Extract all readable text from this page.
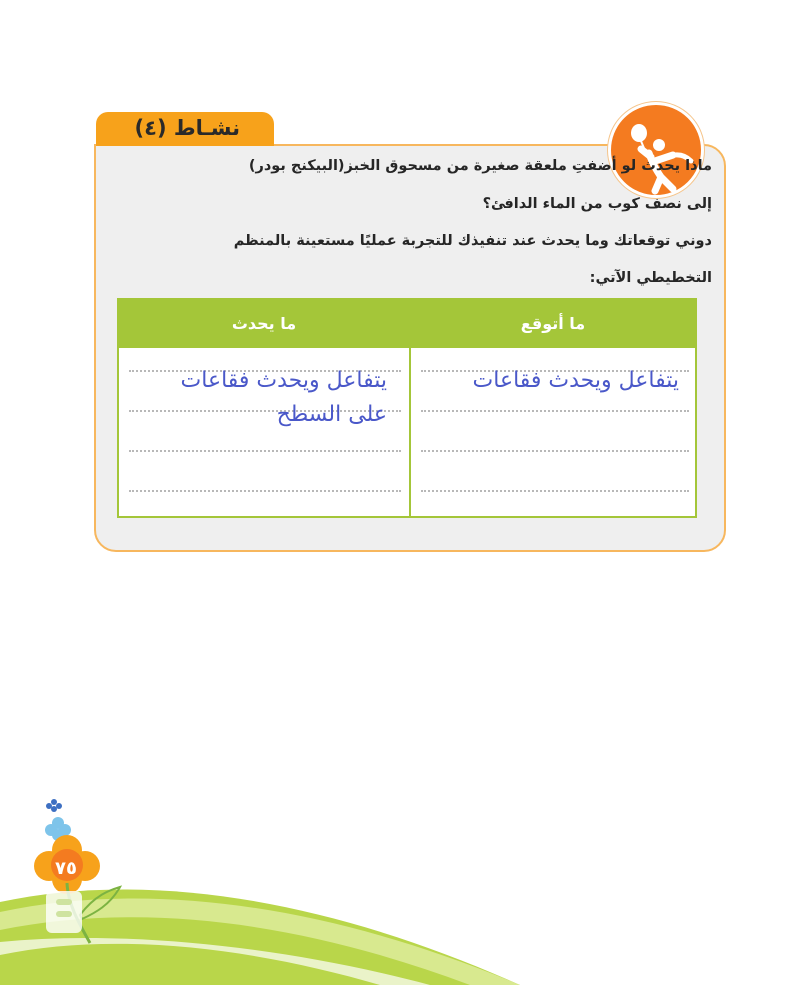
٧٥
نشـاط (٤)
ماذا يحدث لو أضفتِ ملعقة صغيرة من مسحوق الخبز(البيكنج بودر)
إلى نصف كوب من الماء الدافئ؟
دوني توقعاتك وما يحدث عند تنفيذك للتجربة عمليًا مستعينة بالمنظم
التخطيطي الآتي:
ما أتوقع
ما يحدث
يتفاعل ويحدث فقاعات
يتفاعل ويحدث فقاعات
على السطح
